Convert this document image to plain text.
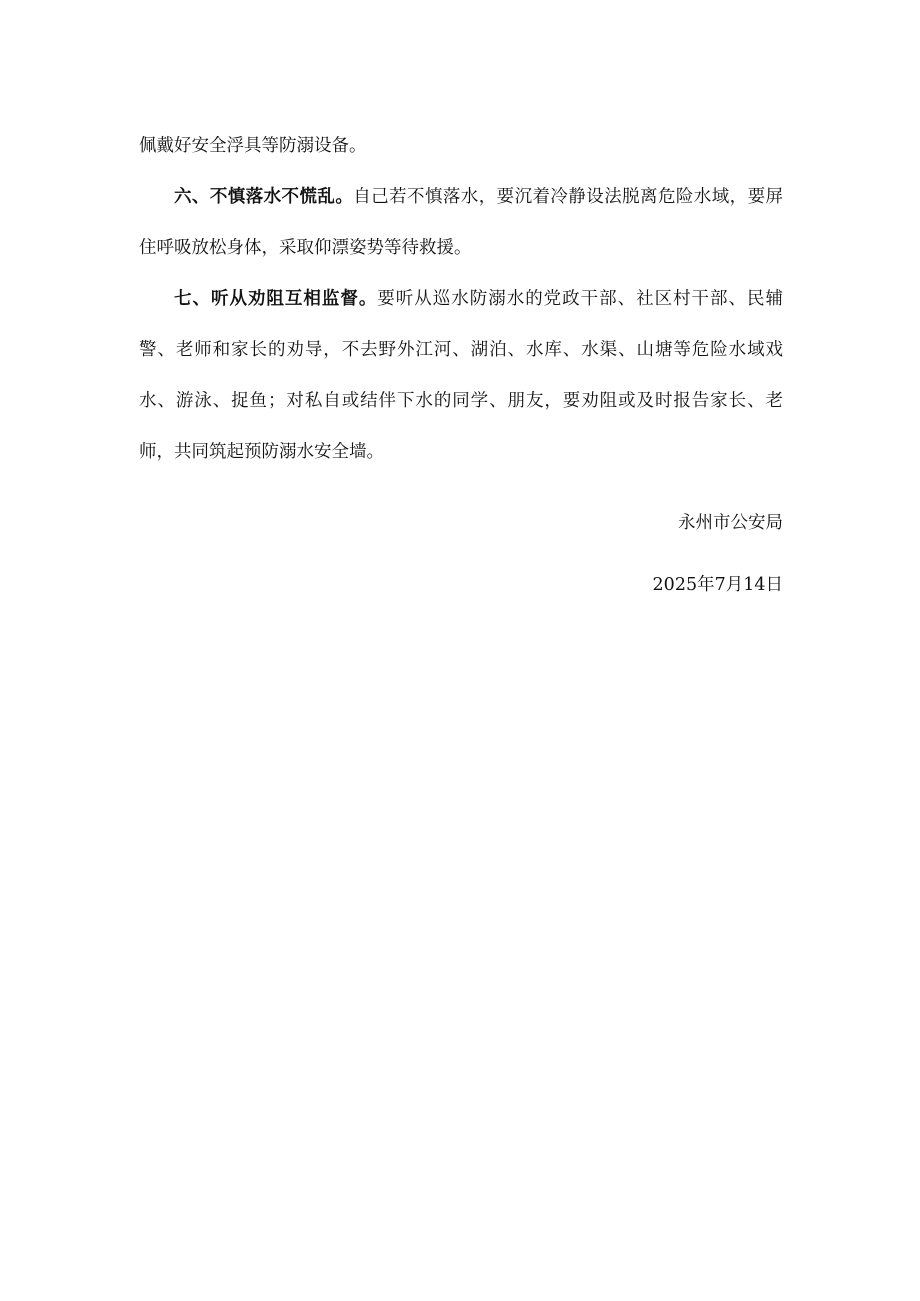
佩戴好安全浮具等防溺设备。

六、不慎落水不慌乱。自己若不慎落水，要沉着冷静设法脱离危险水域，要屏住呼吸放松身体，采取仰漂姿势等待救援。

七、听从劝阻互相监督。要听从巡水防溺水的党政干部、社区村干部、民辅警、老师和家长的劝导，不去野外江河、湖泊、水库、水渠、山塘等危险水域戏水、游泳、捉鱼；对私自或结伴下水的同学、朋友，要劝阻或及时报告家长、老师，共同筑起预防溺水安全墙。

永州市公安局
2025年7月14日
